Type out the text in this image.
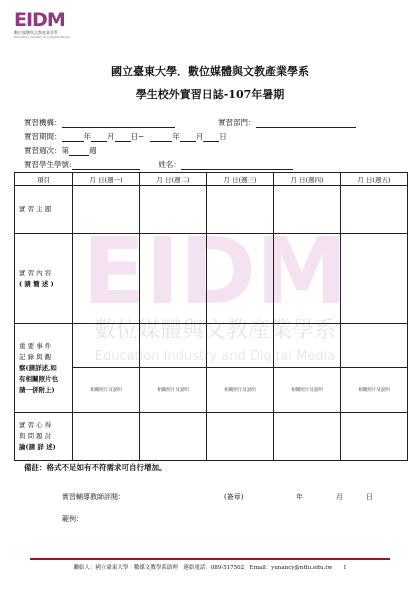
EIDM
數位媒體與文教產業學系
Education Industry and Digital Media
國立臺東大學．數位媒體與文教產業學系
學生校外實習日誌-107年暑期
實習機構：	實習部門：
實習期間：	年 月 日~	年 月 日
實習週次：第	週
實習學生學號:	姓名：
EIDM
數位媒體與文教產業學系
Education Industry and Digital Media
項目	月 日(週一)	月 日(週二)	月 日(週三)	月 日(週四)	月 日(週五)
實 習 主 題					

實 習 內 容
( 請 簡 述 )					

重 要 事 件
記 錄 與 觀
察(請詳述,如
有相關照片也
請一併附上)					

	相關照片及說明	相關照片及說明	相關照片及說明	相關照片及說明	相關照片及說明

實 習 心 得
與 問 題 討
論(請 詳 述)					

備註：格式不足如有不符需求可自行增加。
實習輔導教師評閱：	(簽章)	年	月	日
範例：
聯絡人：國立臺東大學‧數媒文教學系助理　連絡電話：089-517502　Email：yunancy@nttu.edu.tw　　1
